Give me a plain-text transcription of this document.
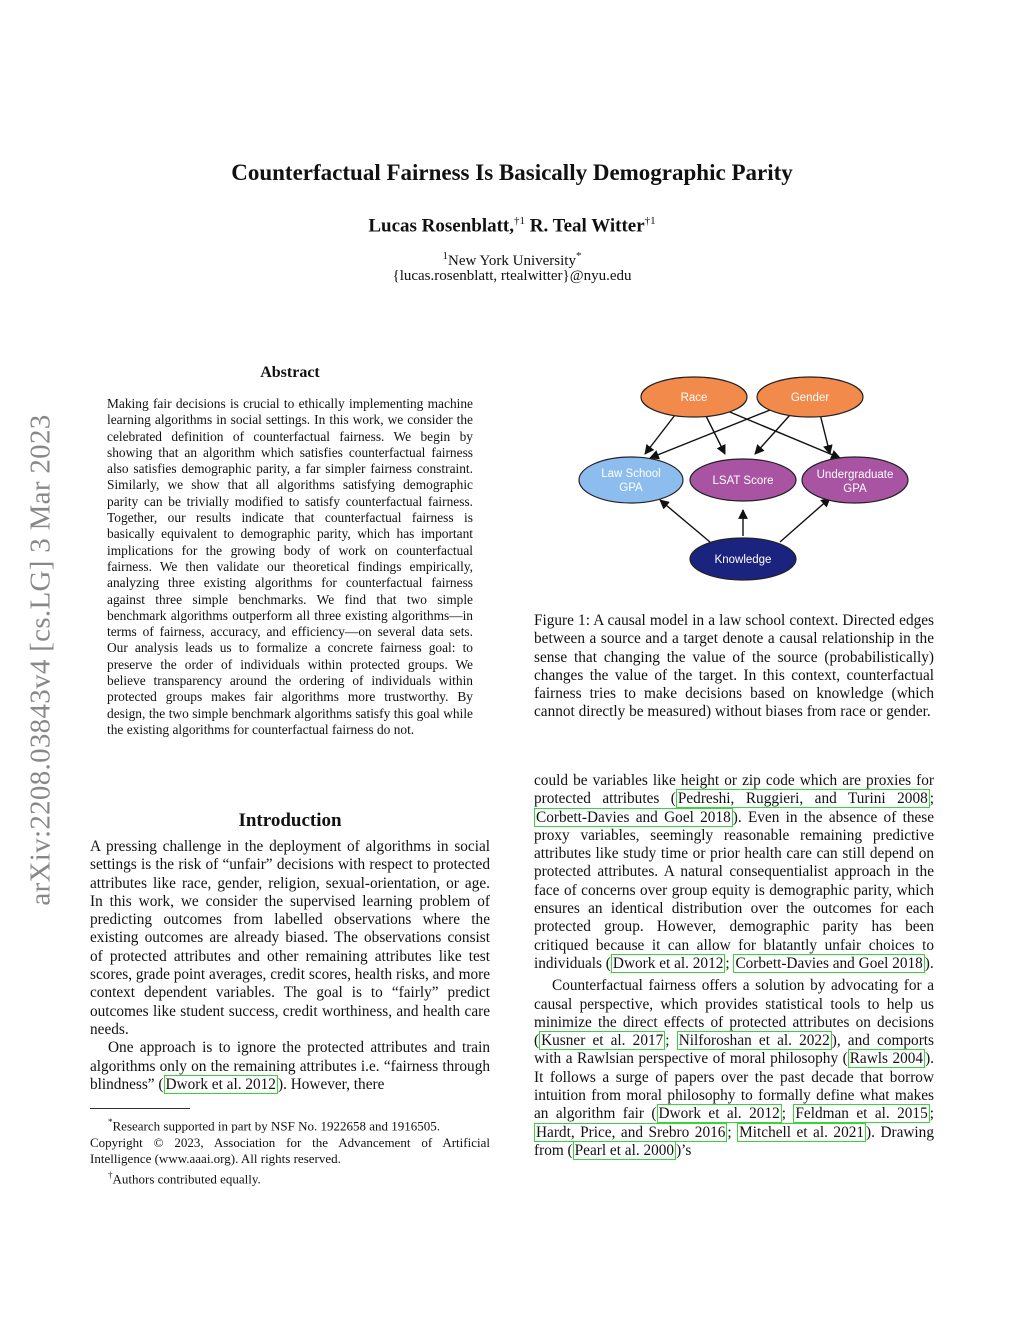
arXiv:2208.03843v4 [cs.LG] 3 Mar 2023
Counterfactual Fairness Is Basically Demographic Parity
Lucas Rosenblatt,$^{\dagger 1}$ R. Teal Witter$^{\dagger 1}$
$^1$New York University*
{lucas.rosenblatt, rtealwitter}@nyu.edu
Abstract

Making fair decisions is crucial to ethically implementing machine learning algorithms in social settings. In this work, we consider the celebrated definition of counterfactual fairness. We begin by showing that an algorithm which satisfies counterfactual fairness also satisfies demographic parity, a far simpler fairness constraint. Similarly, we show that all algorithms satisfying demographic parity can be trivially modified to satisfy counterfactual fairness. Together, our results indicate that counterfactual fairness is basically equivalent to demographic parity, which has important implications for the growing body of work on counterfactual fairness. We then validate our theoretical findings empirically, analyzing three existing algorithms for counterfactual fairness against three simple benchmarks. We find that two simple benchmark algorithms outperform all three existing algorithms—in terms of fairness, accuracy, and efficiency—on several data sets. Our analysis leads us to formalize a concrete fairness goal: to preserve the order of individuals within protected groups. We believe transparency around the ordering of individuals within protected groups makes fair algorithms more trustworthy. By design, the two simple benchmark algorithms satisfy this goal while the existing algorithms for counterfactual fairness do not.

Introduction

A pressing challenge in the deployment of algorithms in social settings is the risk of “unfair” decisions with respect to protected attributes like race, gender, religion, sexual-orientation, or age. In this work, we consider the supervised learning problem of predicting outcomes from labelled observations where the existing outcomes are already biased. The observations consist of protected attributes and other remaining attributes like test scores, grade point averages, credit scores, health risks, and more context dependent variables. The goal is to “fairly” predict outcomes like student success, credit worthiness, and health care needs.

One approach is to ignore the protected attributes and train algorithms only on the remaining attributes i.e. “fairness through blindness” ( Dwork et al. 2012 ). However, there

*Research supported in part by NSF No. 1922658 and 1916505.

Copyright © 2023, Association for the Advancement of Artificial Intelligence (www.aaai.org). All rights reserved.

†Authors contributed equally.

Race	Gender
Law School
GPA
LSAT Score	Undergraduate
GPA
Knowledge

Figure 1: A causal model in a law school context. Directed edges between a source and a target denote a causal relationship in the sense that changing the value of the source (probabilistically) changes the value of the target. In this context, counterfactual fairness tries to make decisions based on knowledge (which cannot directly be measured) without biases from race or gender.

could be variables like height or zip code which are proxies for protected attributes ( Pedreshi, Ruggieri, and Turini 2008 ; Corbett-Davies and Goel 2018 ). Even in the absence of these proxy variables, seemingly reasonable remaining predictive attributes like study time or prior health care can still depend on protected attributes. A natural consequentialist approach in the face of concerns over group equity is demographic parity, which ensures an identical distribution over the outcomes for each protected group. However, demographic parity has been critiqued because it can allow for blatantly unfair choices to individuals ( Dwork et al. 2012 ; Corbett-Davies and Goel 2018 ).

Counterfactual fairness offers a solution by advocating for a causal perspective, which provides statistical tools to help us minimize the direct effects of protected attributes on decisions ( Kusner et al. 2017 ; Nilforoshan et al. 2022 ), and comports with a Rawlsian perspective of moral philosophy ( Rawls 2004 ). It follows a surge of papers over the past decade that borrow intuition from moral philosophy to formally define what makes an algorithm fair ( Dwork et al. 2012 ; Feldman et al. 2015 ; Hardt, Price, and Srebro 2016 ; Mitchell et al. 2021 ). Drawing from ( Pearl et al. 2000 )’s
